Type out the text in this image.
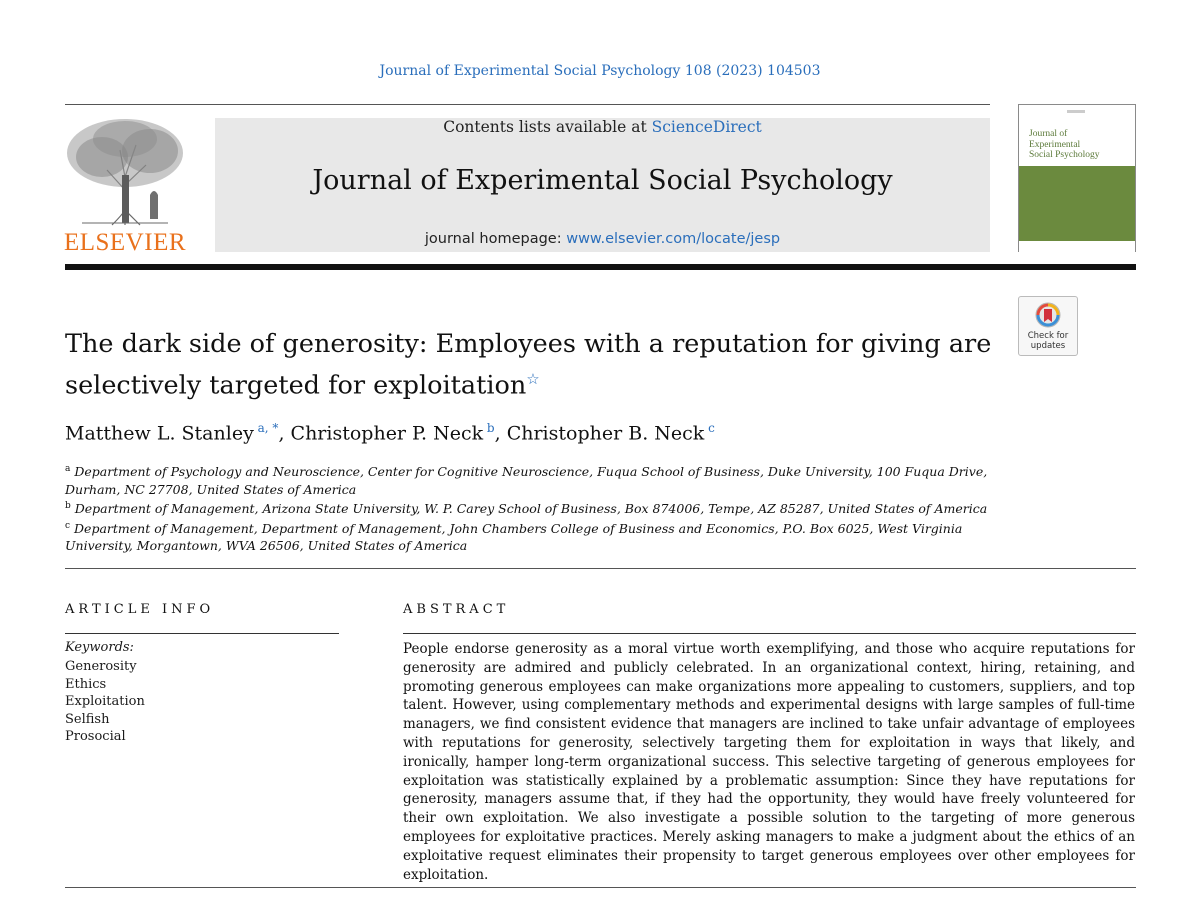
Journal of Experimental Social Psychology 108 (2023) 104503
ELSEVIER
Contents lists available at ScienceDirect
Journal of Experimental Social Psychology
journal homepage: www.elsevier.com/locate/jesp
Journal of
Experimental
Social Psychology
The dark side of generosity: Employees with a reputation for giving are
selectively targeted for exploitation☆
Check for
updates
Matthew L. Stanley $^{a, *}$, Christopher P. Neck $^b$, Christopher B. Neck $^c$
$^a$ Department of Psychology and Neuroscience, Center for Cognitive Neuroscience, Fuqua School of Business, Duke University, 100 Fuqua Drive, Durham, NC 27708, United States of America
$^b$ Department of Management, Arizona State University, W. P. Carey School of Business, Box 874006, Tempe, AZ 85287, United States of America
$^c$ Department of Management, Department of Management, John Chambers College of Business and Economics, P.O. Box 6025, West Virginia University, Morgantown, WVA 26506, United States of America
ARTICLE INFO
Keywords:
Generosity
Ethics
Exploitation
Selfish
Prosocial
ABSTRACT
People endorse generosity as a moral virtue worth exemplifying, and those who acquire reputations for generosity are admired and publicly celebrated. In an organizational context, hiring, retaining, and promoting generous employees can make organizations more appealing to customers, suppliers, and top talent. However, using complementary methods and experimental designs with large samples of full-time managers, we find consistent evidence that managers are inclined to take unfair advantage of employees with reputations for generosity, selectively targeting them for exploitation in ways that likely, and ironically, hamper long-term organizational success. This selective targeting of generous employees for exploitation was statistically explained by a problematic assumption: Since they have reputations for generosity, managers assume that, if they had the opportunity, they would have freely volunteered for their own exploitation. We also investigate a possible solution to the targeting of more generous employees for exploitative practices. Merely asking managers to make a judgment about the ethics of an exploitative request eliminates their propensity to target generous employees over other employees for exploitation.
